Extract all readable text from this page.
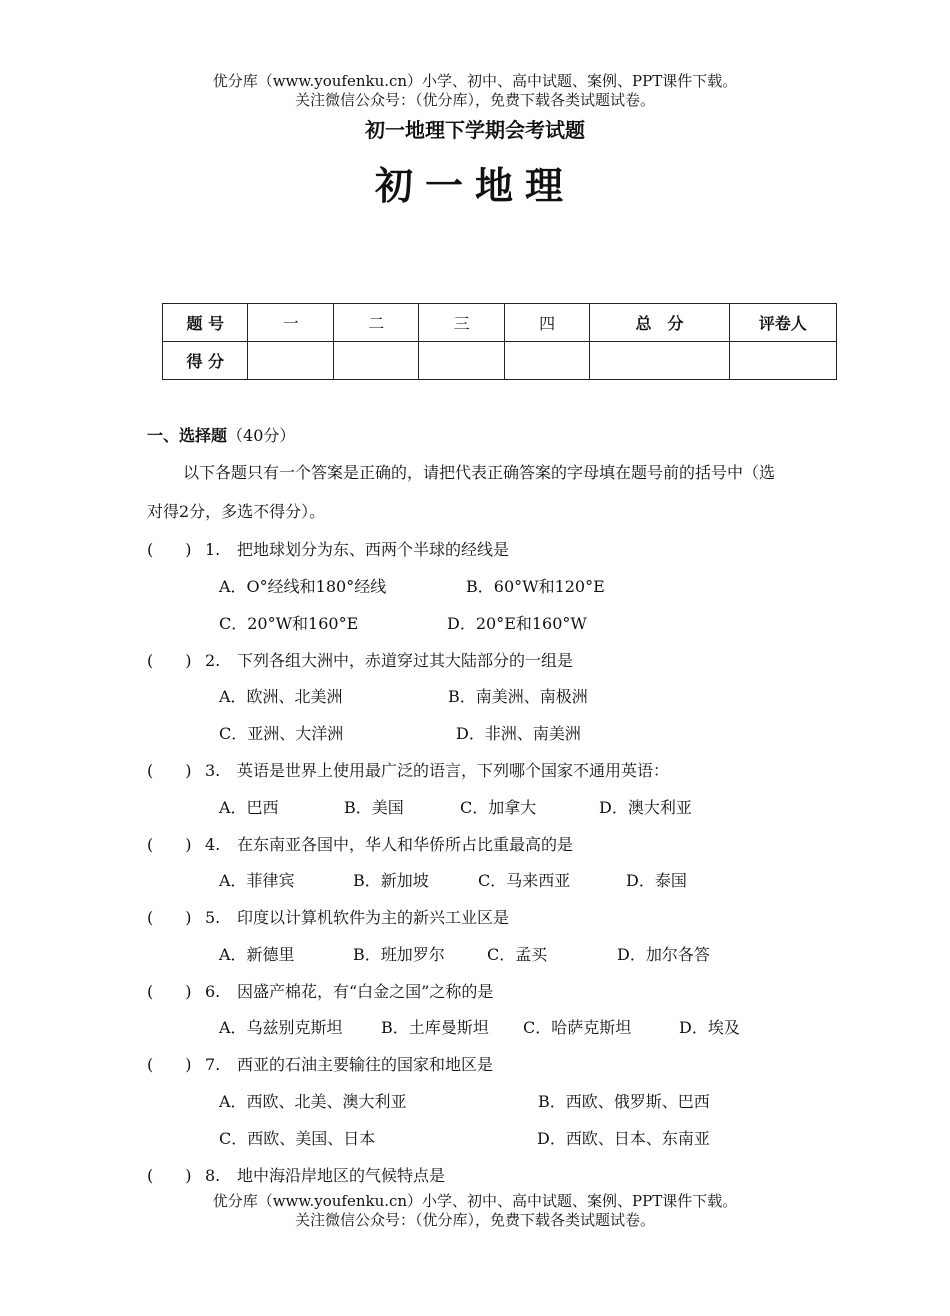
优分库（www.youfenku.cn）小学、初中、高中试题、案例、PPT课件下载。
关注微信公众号：（优分库），免费下载各类试题试卷。
初一地理下学期会考试题
初一地理
题 号	一	二	三	四	总　分	评卷人
得 分						
一、选择题（40分）
以下各题只有一个答案是正确的，请把代表正确答案的字母填在题号前的括号中（选
对得2分，多选不得分）。
(　　) 1. 把地球划分为东、西两个半球的经线是
A．O°经线和180°经线	B．60°W和120°E
C．20°W和160°E	D．20°E和160°W
(　　) 2. 下列各组大洲中，赤道穿过其大陆部分的一组是
A．欧洲、北美洲	B．南美洲、南极洲
C．亚洲、大洋洲	D．非洲、南美洲
(　　) 3. 英语是世界上使用最广泛的语言，下列哪个国家不通用英语：
A．巴西	B．美国	C．加拿大	D．澳大利亚
(　　) 4. 在东南亚各国中，华人和华侨所占比重最高的是
A．菲律宾	B．新加坡	C．马来西亚	D．泰国
(　　) 5. 印度以计算机软件为主的新兴工业区是
A．新德里	B．班加罗尔	C．孟买	D．加尔各答
(　　) 6. 因盛产棉花，有“白金之国”之称的是
A．乌兹别克斯坦 B．土库曼斯坦 C．哈萨克斯坦	D．埃及
(　　) 7. 西亚的石油主要输往的国家和地区是
A．西欧、北美、澳大利亚	B．西欧、俄罗斯、巴西
C．西欧、美国、日本	D．西欧、日本、东南亚
(　　) 8. 地中海沿岸地区的气候特点是
优分库（www.youfenku.cn）小学、初中、高中试题、案例、PPT课件下载。
关注微信公众号：（优分库），免费下载各类试题试卷。
